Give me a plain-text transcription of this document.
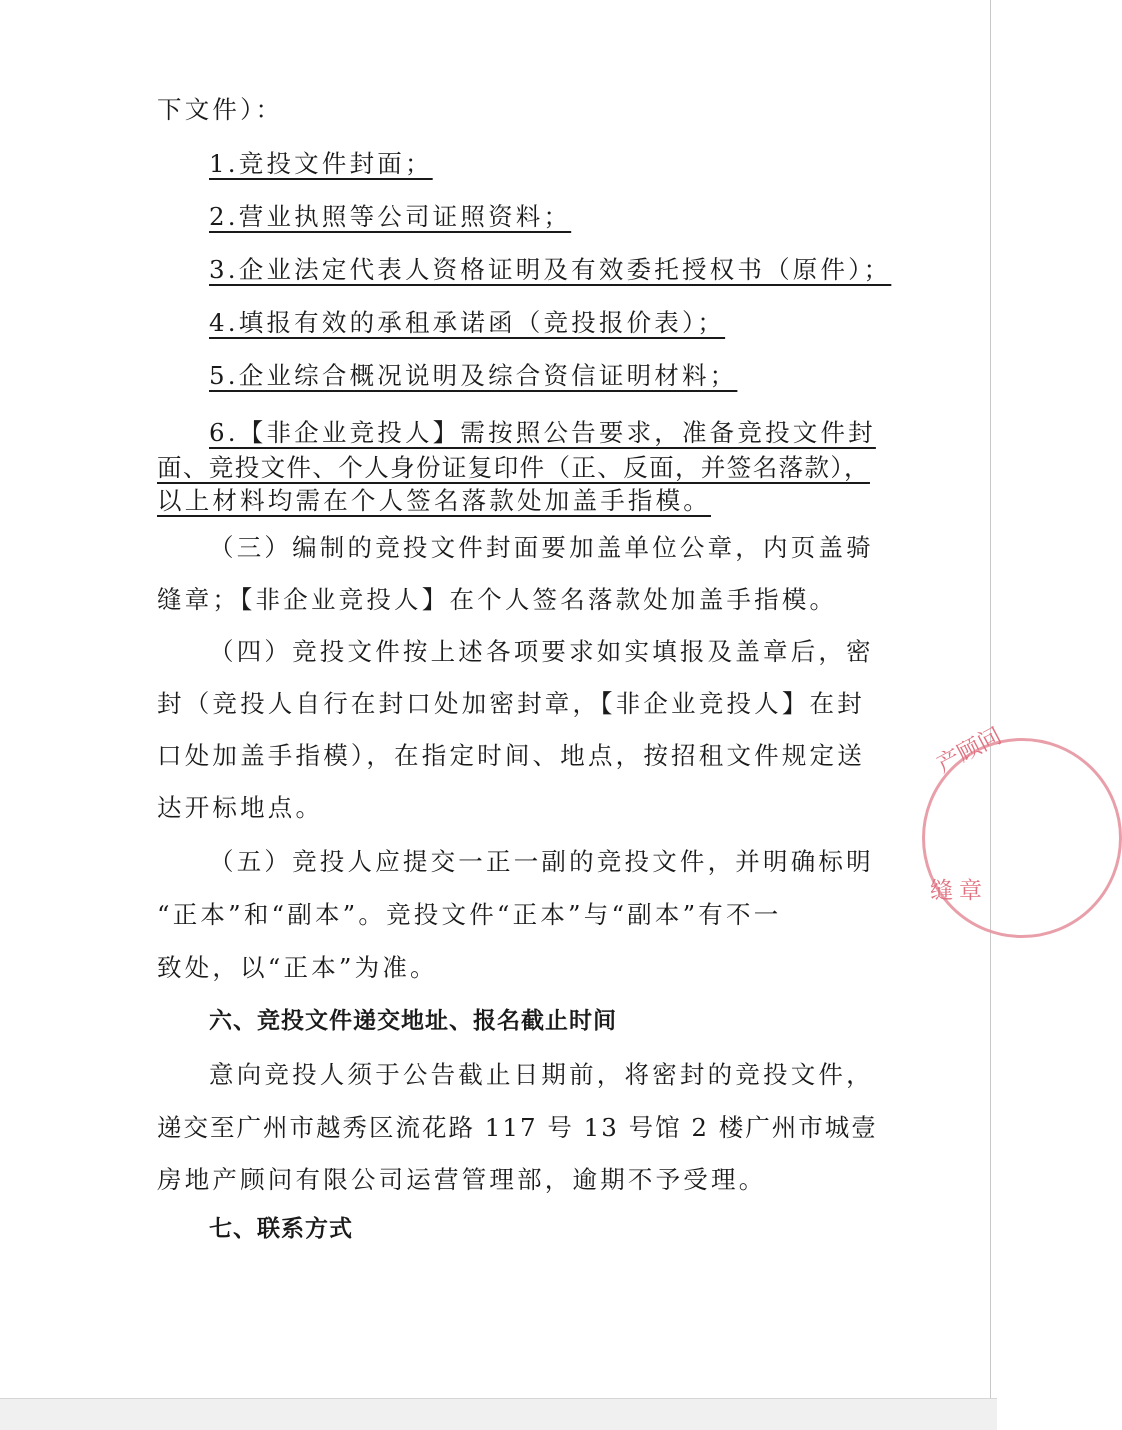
下文件）：
1.竞投文件封面；
2.营业执照等公司证照资料；
3.企业法定代表人资格证明及有效委托授权书（原件）；
4.填报有效的承租承诺函（竞投报价表）；
5.企业综合概况说明及综合资信证明材料；
6.【非企业竞投人】需按照公告要求，准备竞投文件封
面、竞投文件、个人身份证复印件（正、反面，并签名落款），
以上材料均需在个人签名落款处加盖手指模。
（三）编制的竞投文件封面要加盖单位公章，内页盖骑
缝章；【非企业竞投人】在个人签名落款处加盖手指模。
（四）竞投文件按上述各项要求如实填报及盖章后，密
封（竞投人自行在封口处加密封章，【非企业竞投人】在封
口处加盖手指模），在指定时间、地点，按招租文件规定送
达开标地点。
（五）竞投人应提交一正一副的竞投文件，并明确标明
“正本”和“副本”。竞投文件“正本”与“副本”有不一
致处，以“正本”为准。
六、竞投文件递交地址、报名截止时间
意向竞投人须于公告截止日期前，将密封的竞投文件，
递交至广州市越秀区流花路 117 号 13 号馆 2 楼广州市城壹
房地产顾问有限公司运营管理部，逾期不予受理。
七、联系方式
产顾问
缝章
